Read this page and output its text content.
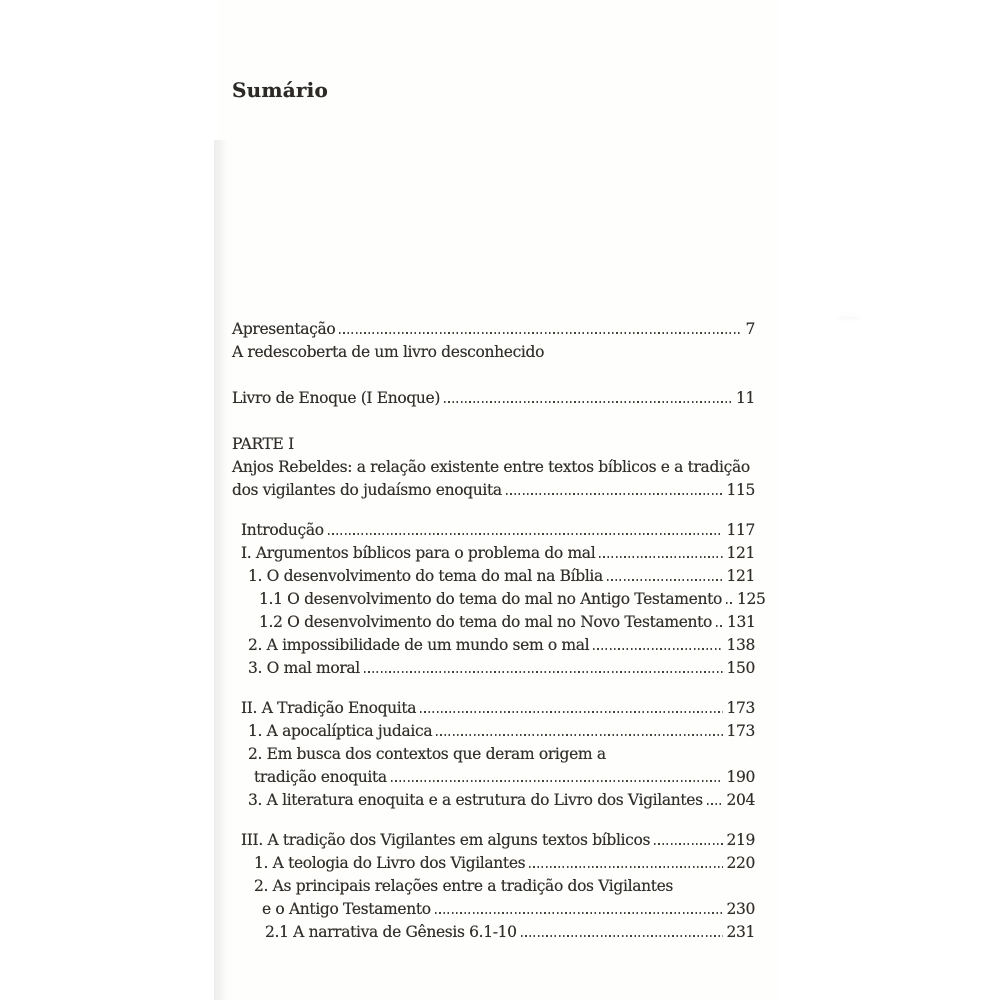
Sumário
Apresentação	7
A redescoberta de um livro desconhecido
Livro de Enoque (I Enoque)	11
PARTE I
Anjos Rebeldes: a relação existente entre textos bíblicos e a tradição
dos vigilantes do judaísmo enoquita	115
Introdução	117
I. Argumentos bíblicos para o problema do mal	121
1. O desenvolvimento do tema do mal na Bíblia	121
1.1 O desenvolvimento do tema do mal no Antigo Testamento 125
1.2 O desenvolvimento do tema do mal no Novo Testamento 131
2. A impossibilidade de um mundo sem o mal	138
3. O mal moral	150
II. A Tradição Enoquita	173
1. A apocalíptica judaica	173
2. Em busca dos contextos que deram origem a
tradição enoquita	190
3. A literatura enoquita e a estrutura do Livro dos Vigilantes 204
III. A tradição dos Vigilantes em alguns textos bíblicos	219
1. A teologia do Livro dos Vigilantes	220
2. As principais relações entre a tradição dos Vigilantes
e o Antigo Testamento	230
2.1 A narrativa de Gênesis 6.1-10	231
